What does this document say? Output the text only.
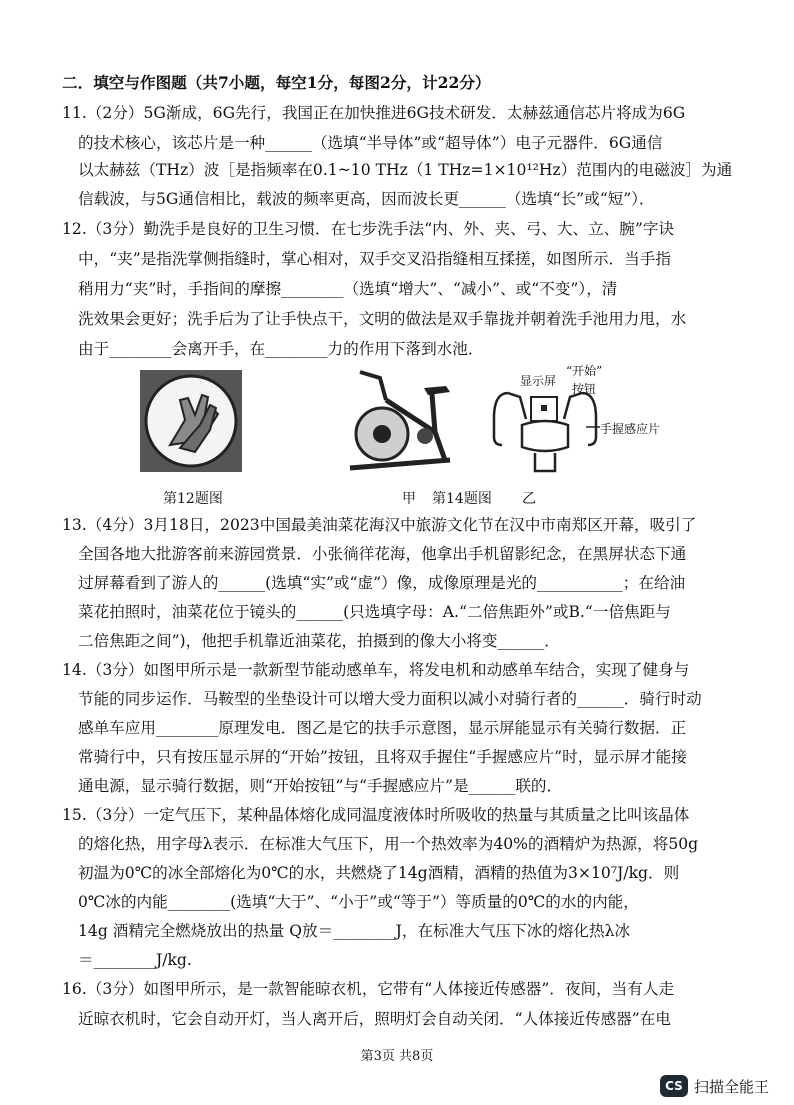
二．填空与作图题（共7小题，每空1分，每图2分，计22分）
11.（2分）5G渐成，6G先行，我国正在加快推进6G技术研发．太赫兹通信芯片将成为6G
的技术核心，该芯片是一种______（选填“半导体”或“超导体”）电子元器件．6G通信
以太赫兹（THz）波［是指频率在0.1~10 THz（1 THz=1×10¹²Hz）范围内的电磁波］为通
信载波，与5G通信相比，载波的频率更高，因而波长更______（选填“长”或“短”）．
12.（3分）勤洗手是良好的卫生习惯．在七步洗手法“内、外、夹、弓、大、立、腕”字诀
中，“夹”是指洗掌侧指缝时，掌心相对，双手交叉沿指缝相互揉搓，如图所示．当手指
稍用力“夹”时，手指间的摩擦________（选填“增大”、“减小”、或“不变”），清
洗效果会更好；洗手后为了让手快点干，文明的做法是双手靠拢并朝着洗手池用力甩，水
由于________会离开手，在________力的作用下落到水池．
第12题图
显示屏
“开始”
按钮
手握感应片
甲 第14题图 乙
13.（4分）3月18日，2023中国最美油菜花海汉中旅游文化节在汉中市南郑区开幕，吸引了
全国各地大批游客前来游园赏景．小张徜徉花海，他拿出手机留影纪念，在黑屏状态下通
过屏幕看到了游人的______(选填“实”或“虚”）像，成像原理是光的___________；在给油
菜花拍照时，油菜花位于镜头的______(只选填字母：A.“二倍焦距外”或B.“一倍焦距与
二倍焦距之间”)，他把手机靠近油菜花，拍摄到的像大小将变______．
14.（3分）如图甲所示是一款新型节能动感单车，将发电机和动感单车结合，实现了健身与
节能的同步运作．马鞍型的坐垫设计可以增大受力面积以减小对骑行者的______．骑行时动
感单车应用________原理发电．图乙是它的扶手示意图，显示屏能显示有关骑行数据．正
常骑行中，只有按压显示屏的“开始”按钮，且将双手握住“手握感应片”时，显示屏才能接
通电源，显示骑行数据，则“开始按钮”与“手握感应片”是______联的．
15.（3分）一定气压下，某种晶体熔化成同温度液体时所吸收的热量与其质量之比叫该晶体
的熔化热，用字母λ表示．在标准大气压下，用一个热效率为40%的酒精炉为热源，将50g
初温为0℃的冰全部熔化为0℃的水，共燃烧了14g酒精，酒精的热值为3×10⁷J/kg．则
0℃冰的内能________(选填“大于”、“小于”或“等于”）等质量的0℃的水的内能，
14g 酒精完全燃烧放出的热量 Q放＝________J，在标准大气压下冰的熔化热λ冰
＝________J/kg.
16.（3分）如图甲所示，是一款智能晾衣机，它带有“人体接近传感器”．夜间，当有人走
近晾衣机时，它会自动开灯，当人离开后，照明灯会自动关闭．“人体接近传感器”在电
第3页 共8页
CS 扫描全能王
